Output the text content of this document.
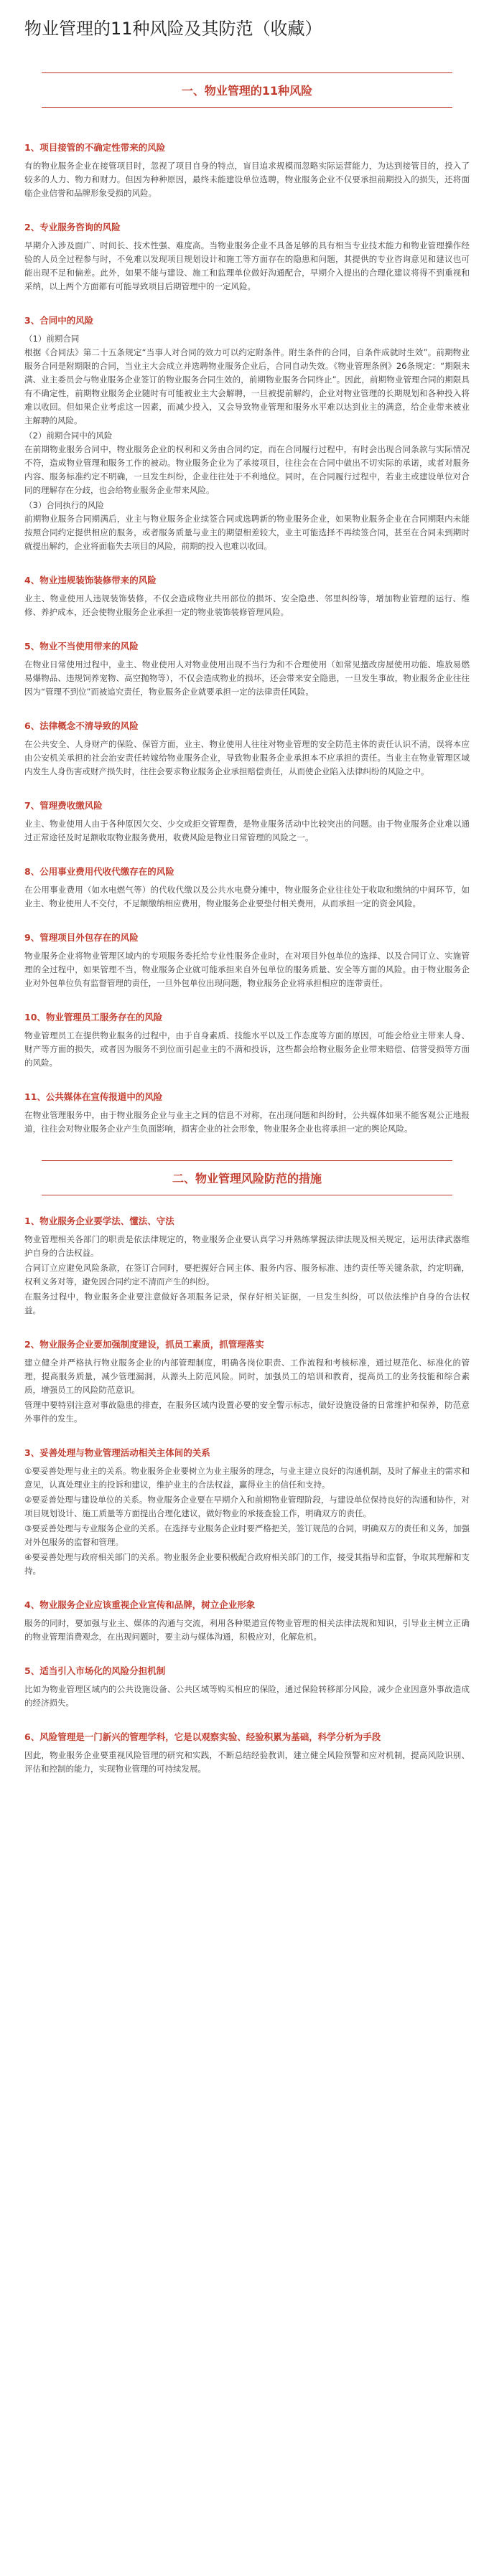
物业管理的11种风险及其防范（收藏）
一、物业管理的11种风险
1、项目接管的不确定性带来的风险

有的物业服务企业在接管项目时，忽视了项目自身的特点，盲目追求规模而忽略实际运营能力，为达到接管目的，投入了较多的人力、物力和财力。但因为种种原因，最终未能建设单位选聘，物业服务企业不仅要承担前期投入的损失，还将面临企业信誉和品牌形象受损的风险。

2、专业服务咨询的风险

早期介入涉及面广、时间长、技术性强、难度高。当物业服务企业不具备足够的具有相当专业技术能力和物业管理操作经验的人员全过程参与时，不免难以发现项目规划设计和施工等方面存在的隐患和问题，其提供的专业咨询意见和建议也可能出现不足和偏差。此外，如果不能与建设、施工和监理单位做好沟通配合，早期介入提出的合理化建议将得不到重视和采纳，以上两个方面都有可能导致项目后期管理中的一定风险。

3、合同中的风险

（1）前期合同

根据《合同法》第二十五条规定“当事人对合同的效力可以约定附条件。附生条件的合同，自条件成就时生效”。前期物业服务合同是附期限的合同，当业主大会成立并选聘物业服务企业后，合同自动失效。《物业管理条例》26条规定：“期限未满、业主委员会与物业服务企业签订的物业服务合同生效的，前期物业服务合同终止”。因此，前期物业管理合同的期限具有不确定性，前期物业服务企业随时有可能被业主大会解聘，一旦被提前解约，企业对物业管理的长期规划和各种投入将难以收回。但如果企业考虑这一因素，而减少投入，又会导致物业管理和服务水平难以达到业主的满意，给企业带来被业主解聘的风险。

（2）前期合同中的风险

在前期物业服务合同中，物业服务企业的权利和义务由合同约定，而在合同履行过程中，有时会出现合同条款与实际情况不符，造成物业管理和服务工作的被动。物业服务企业为了承接项目，往往会在合同中做出不切实际的承诺，或者对服务内容、服务标准约定不明确，一旦发生纠纷，企业往往处于不利地位。同时，在合同履行过程中，若业主或建设单位对合同的理解存在分歧，也会给物业服务企业带来风险。

（3）合同执行的风险

前期物业服务合同期满后，业主与物业服务企业续签合同或选聘新的物业服务企业，如果物业服务企业在合同期限内未能按照合同约定提供相应的服务，或者服务质量与业主的期望相差较大，业主可能选择不再续签合同，甚至在合同未到期时就提出解约，企业将面临失去项目的风险，前期的投入也难以收回。

4、物业违规装饰装修带来的风险

业主、物业使用人违规装饰装修，不仅会造成物业共用部位的损坏、安全隐患、邻里纠纷等，增加物业管理的运行、维修、养护成本，还会使物业服务企业承担一定的物业装饰装修管理风险。

5、物业不当使用带来的风险

在物业日常使用过程中，业主、物业使用人对物业使用出现不当行为和不合理使用（如常见擅改房屋使用功能、堆放易燃易爆物品、违规饲养宠物、高空抛物等），不仅会造成物业的损坏，还会带来安全隐患，一旦发生事故，物业服务企业往往因为“管理不到位”而被追究责任，物业服务企业就要承担一定的法律责任风险。

6、法律概念不清导致的风险

在公共安全、人身财产的保险、保管方面，业主、物业使用人往往对物业管理的安全防范主体的责任认识不清，误将本应由公安机关承担的社会治安责任转嫁给物业服务企业，导致物业服务企业承担本不应承担的责任。当业主在物业管理区域内发生人身伤害或财产损失时，往往会要求物业服务企业承担赔偿责任，从而使企业陷入法律纠纷的风险之中。

7、管理费收缴风险

业主、物业使用人由于各种原因欠交、少交或拒交管理费，是物业服务活动中比较突出的问题。由于物业服务企业难以通过正常途径及时足额收取物业服务费用，收费风险是物业日常管理的风险之一。

8、公用事业费用代收代缴存在的风险

在公用事业费用（如水电燃气等）的代收代缴以及公共水电费分摊中，物业服务企业往往处于收取和缴纳的中间环节，如业主、物业使用人不交付，不足额缴纳相应费用，物业服务企业要垫付相关费用，从而承担一定的资金风险。

9、管理项目外包存在的风险

物业服务企业将物业管理区域内的专项服务委托给专业性服务企业时，在对项目外包单位的选择、以及合同订立、实施管理的全过程中，如果管理不当，物业服务企业就可能承担来自外包单位的服务质量、安全等方面的风险。由于物业服务企业对外包单位负有监督管理的责任，一旦外包单位出现问题，物业服务企业将承担相应的连带责任。

10、物业管理员工服务存在的风险

物业管理员工在提供物业服务的过程中，由于自身素质、技能水平以及工作态度等方面的原因，可能会给业主带来人身、财产等方面的损失，或者因为服务不到位而引起业主的不满和投诉，这些都会给物业服务企业带来赔偿、信誉受损等方面的风险。

11、公共媒体在宣传报道中的风险

在物业管理服务中，由于物业服务企业与业主之间的信息不对称，在出现问题和纠纷时，公共媒体如果不能客观公正地报道，往往会对物业服务企业产生负面影响，损害企业的社会形象，物业服务企业也将承担一定的舆论风险。

二、物业管理风险防范的措施
1、物业服务企业要学法、懂法、守法

物业管理相关各部门的职责是依法律规定的，物业服务企业要认真学习并熟练掌握法律法规及相关规定，运用法律武器维护自身的合法权益。

合同订立应避免风险条款，在签订合同时，要把握好合同主体、服务内容、服务标准、违约责任等关键条款，约定明确，权利义务对等，避免因合同约定不清而产生的纠纷。

在服务过程中，物业服务企业要注意做好各项服务记录，保存好相关证据，一旦发生纠纷，可以依法维护自身的合法权益。

2、物业服务企业要加强制度建设，抓员工素质，抓管理落实

建立健全并严格执行物业服务企业的内部管理制度，明确各岗位职责、工作流程和考核标准，通过规范化、标准化的管理，提高服务质量，减少管理漏洞，从源头上防范风险。同时，加强员工的培训和教育，提高员工的业务技能和综合素质，增强员工的风险防范意识。

管理中要特别注意对事故隐患的排查，在服务区域内设置必要的安全警示标志，做好设施设备的日常维护和保养，防范意外事件的发生。

3、妥善处理与物业管理活动相关主体间的关系

①要妥善处理与业主的关系。物业服务企业要树立为业主服务的理念，与业主建立良好的沟通机制，及时了解业主的需求和意见，认真处理业主的投诉和建议，维护业主的合法权益，赢得业主的信任和支持。

②要妥善处理与建设单位的关系。物业服务企业要在早期介入和前期物业管理阶段，与建设单位保持良好的沟通和协作，对项目规划设计、施工质量等方面提出合理化建议，做好物业的承接查验工作，明确双方的责任。

③要妥善处理与专业服务企业的关系。在选择专业服务企业时要严格把关，签订规范的合同，明确双方的责任和义务，加强对外包服务的监督和管理。

④要妥善处理与政府相关部门的关系。物业服务企业要积极配合政府相关部门的工作，接受其指导和监督，争取其理解和支持。

4、物业服务企业应该重视企业宣传和品牌，树立企业形象

服务的同时，要加强与业主、媒体的沟通与交流，利用各种渠道宣传物业管理的相关法律法规和知识，引导业主树立正确的物业管理消费观念，在出现问题时，要主动与媒体沟通，积极应对，化解危机。

5、适当引入市场化的风险分担机制

比如为物业管理区域内的公共设施设备、公共区域等购买相应的保险，通过保险转移部分风险，减少企业因意外事故造成的经济损失。

6、风险管理是一门新兴的管理学科，它是以观察实验、经验积累为基础，科学分析为手段

因此，物业服务企业要重视风险管理的研究和实践，不断总结经验教训，建立健全风险预警和应对机制，提高风险识别、评估和控制的能力，实现物业管理的可持续发展。
